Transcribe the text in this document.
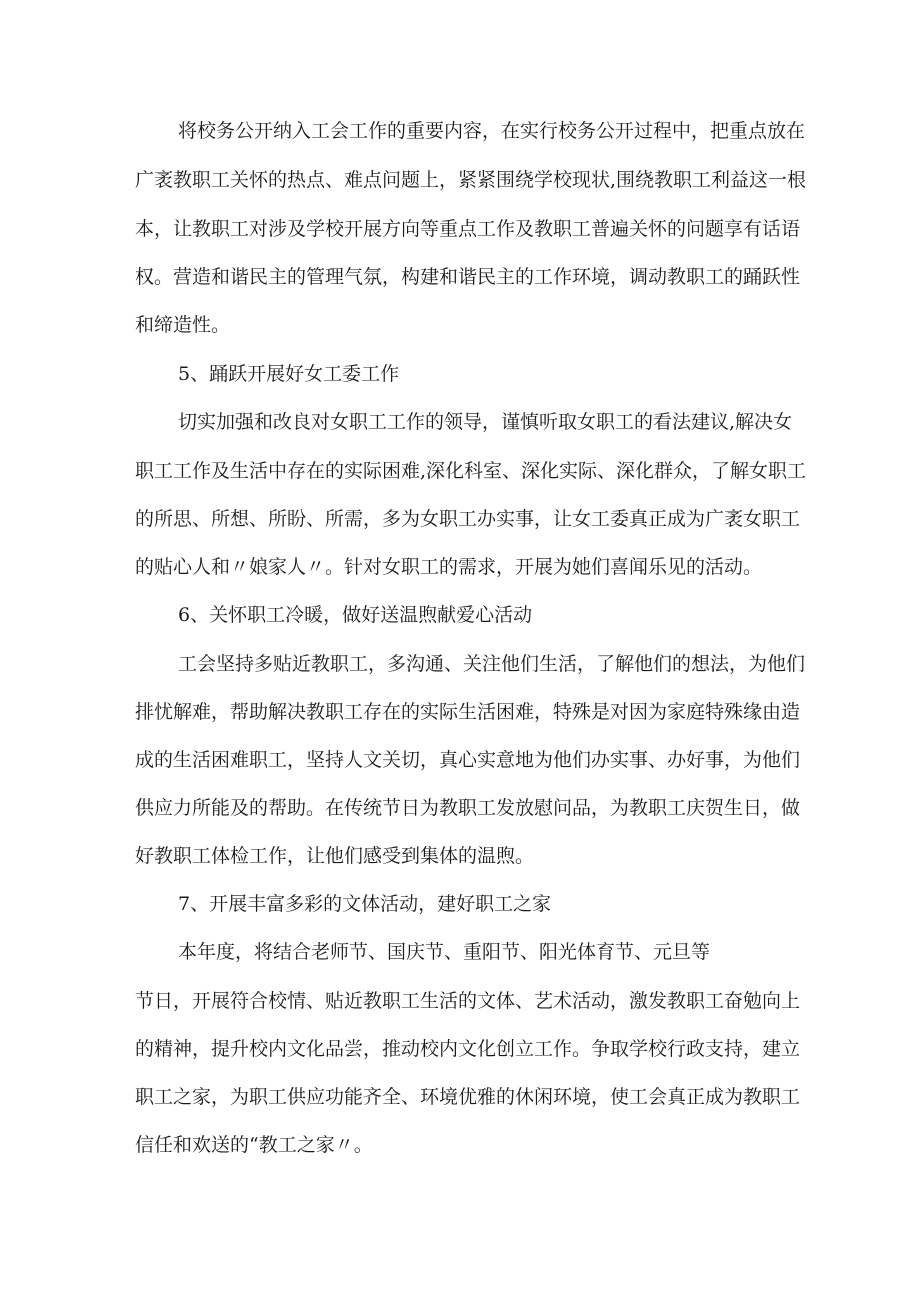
将校务公开纳入工会工作的重要内容，在实行校务公开过程中，把重点放在
广袤教职工关怀的热点、难点问题上，紧紧围绕学校现状,围绕教职工利益这一根
本，让教职工对涉及学校开展方向等重点工作及教职工普遍关怀的问题享有话语
权。营造和谐民主的管理气氛，构建和谐民主的工作环境，调动教职工的踊跃性
和缔造性。
5、踊跃开展好女工委工作
切实加强和改良对女职工工作的领导，谨慎听取女职工的看法建议,解决女
职工工作及生活中存在的实际困难,深化科室、深化实际、深化群众，了解女职工
的所思、所想、所盼、所需，多为女职工办实事，让女工委真正成为广袤女职工
的贴心人和〃娘家人〃。针对女职工的需求，开展为她们喜闻乐见的活动。
6、关怀职工冷暖，做好送温煦献爱心活动
工会坚持多贴近教职工，多沟通、关注他们生活，了解他们的想法，为他们
排忧解难，帮助解决教职工存在的实际生活困难，特殊是对因为家庭特殊缘由造
成的生活困难职工，坚持人文关切，真心实意地为他们办实事、办好事，为他们
供应力所能及的帮助。在传统节日为教职工发放慰问品，为教职工庆贺生日，做
好教职工体检工作，让他们感受到集体的温煦。
7、开展丰富多彩的文体活动，建好职工之家
本年度，将结合老师节、国庆节、重阳节、阳光体育节、元旦等
节日，开展符合校情、贴近教职工生活的文体、艺术活动，激发教职工奋勉向上
的精神，提升校内文化品尝，推动校内文化创立工作。争取学校行政支持，建立
职工之家，为职工供应功能齐全、环境优雅的休闲环境，使工会真正成为教职工
信任和欢送的“教工之家〃。
